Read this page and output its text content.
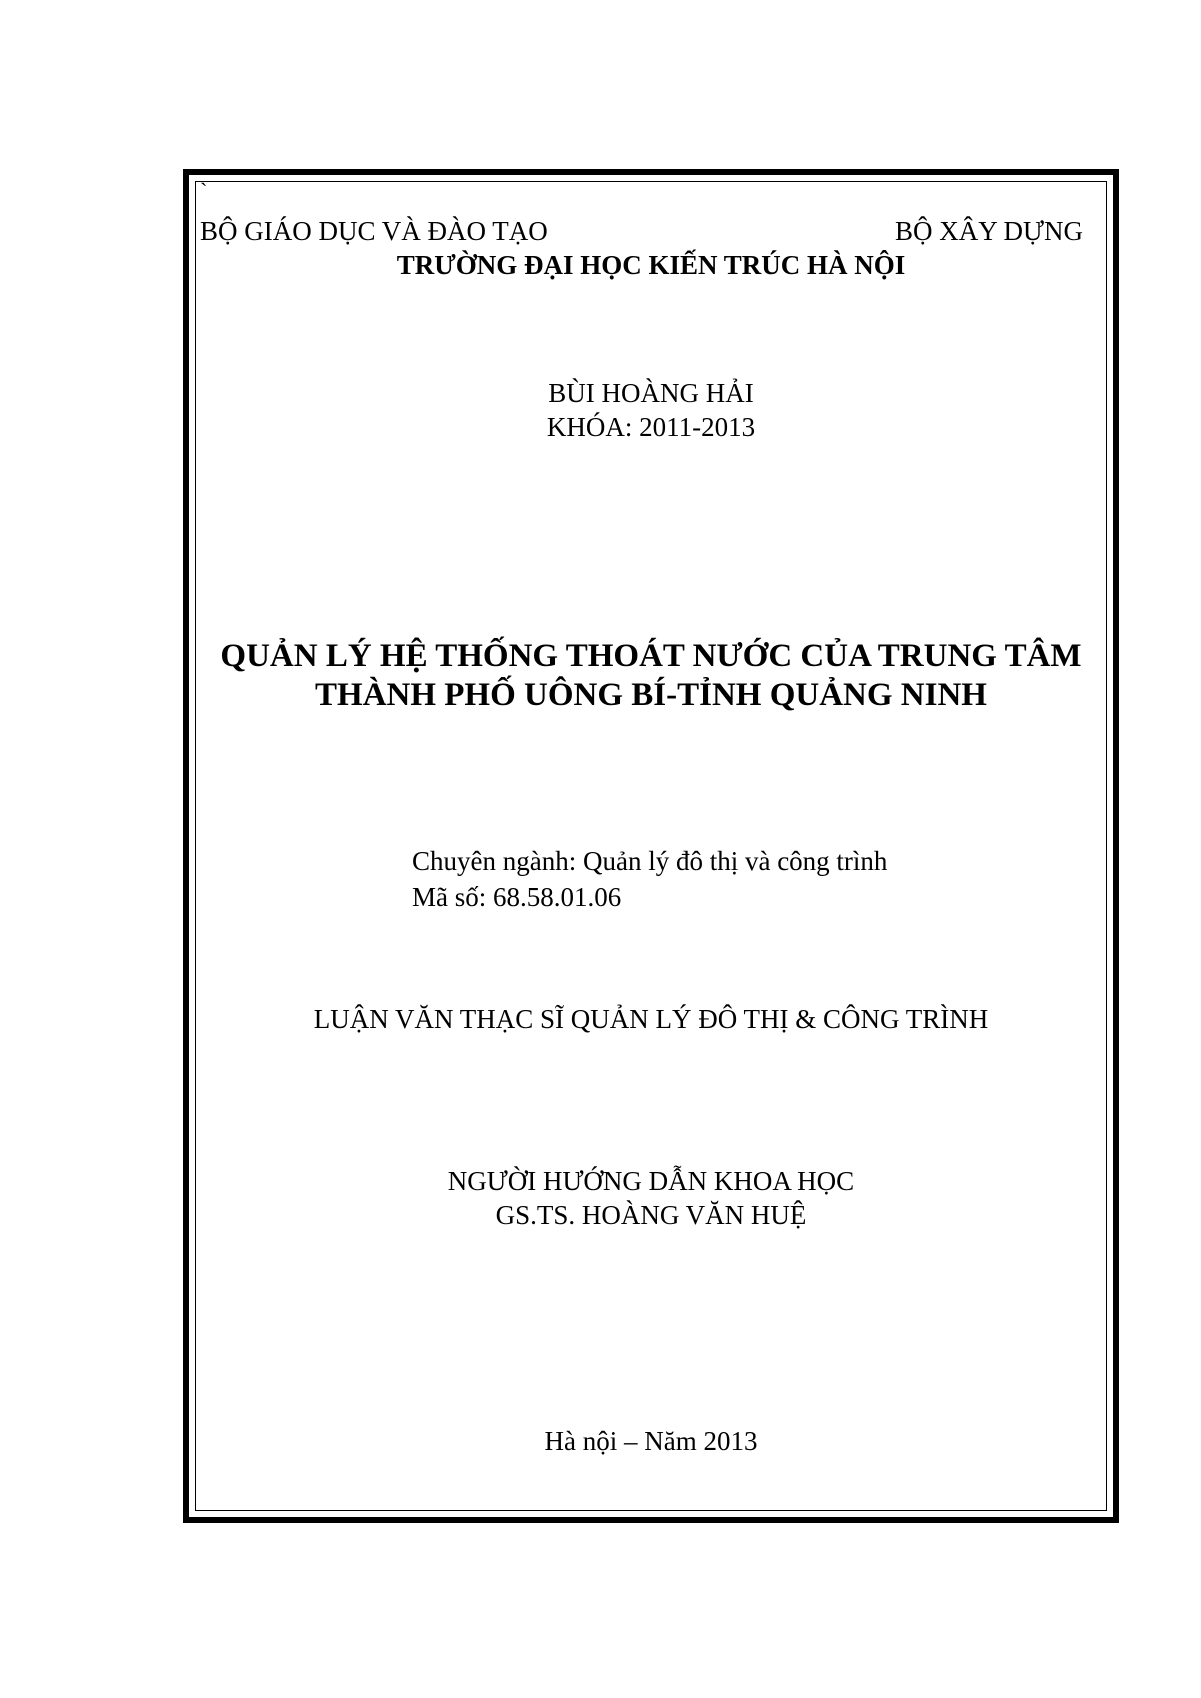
`
BỘ GIÁO DỤC VÀ ĐÀO TẠO	BỘ XÂY DỰNG
TRƯỜNG ĐẠI HỌC KIẾN TRÚC HÀ NỘI
BÙI HOÀNG HẢI
KHÓA: 2011-2013
QUẢN LÝ HỆ THỐNG THOÁT NƯỚC CỦA TRUNG TÂM
THÀNH PHỐ UÔNG BÍ-TỈNH QUẢNG NINH
Chuyên ngành: Quản lý đô thị và công trình
Mã số: 68.58.01.06
LUẬN VĂN THẠC SĨ QUẢN LÝ ĐÔ THỊ & CÔNG TRÌNH
NGƯỜI HƯỚNG DẪN KHOA HỌC
GS.TS. HOÀNG VĂN HUỆ
Hà nội – Năm 2013
